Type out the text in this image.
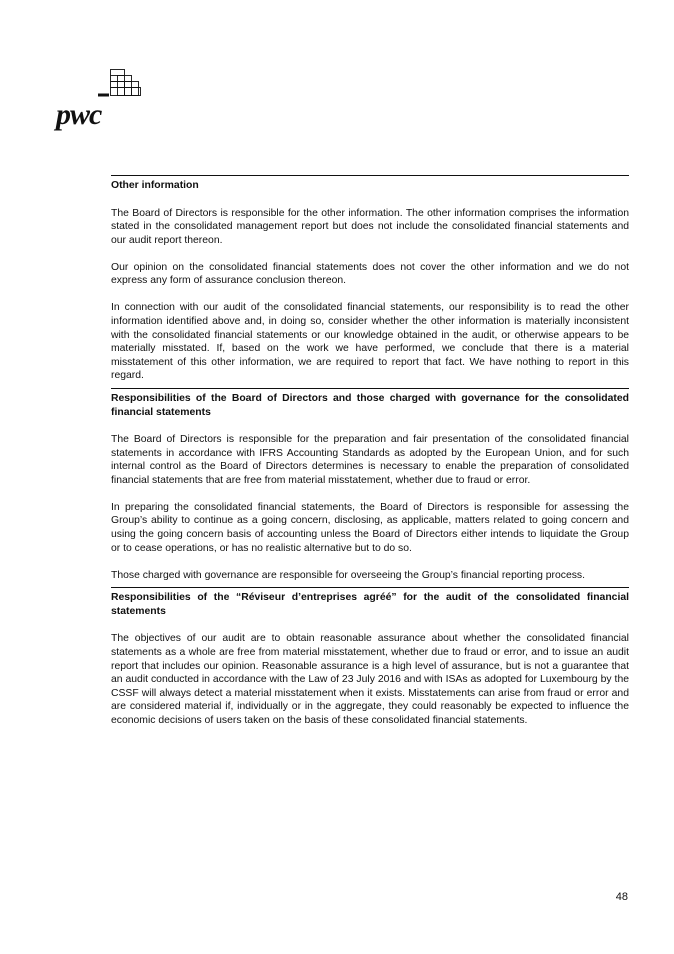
pwc

Other information

The Board of Directors is responsible for the other information. The other information comprises the information stated in the consolidated management report but does not include the consolidated financial statements and our audit report thereon.

Our opinion on the consolidated financial statements does not cover the other information and we do not express any form of assurance conclusion thereon.

In connection with our audit of the consolidated financial statements, our responsibility is to read the other information identified above and, in doing so, consider whether the other information is materially inconsistent with the consolidated financial statements or our knowledge obtained in the audit, or otherwise appears to be materially misstated. If, based on the work we have performed, we conclude that there is a material misstatement of this other information, we are required to report that fact. We have nothing to report in this regard.

Responsibilities of the Board of Directors and those charged with governance for the consolidated financial statements

The Board of Directors is responsible for the preparation and fair presentation of the consolidated financial statements in accordance with IFRS Accounting Standards as adopted by the European Union, and for such internal control as the Board of Directors determines is necessary to enable the preparation of consolidated financial statements that are free from material misstatement, whether due to fraud or error.

In preparing the consolidated financial statements, the Board of Directors is responsible for assessing the Group’s ability to continue as a going concern, disclosing, as applicable, matters related to going concern and using the going concern basis of accounting unless the Board of Directors either intends to liquidate the Group or to cease operations, or has no realistic alternative but to do so.

Those charged with governance are responsible for overseeing the Group’s financial reporting process.

Responsibilities of the “Réviseur d’entreprises agréé” for the audit of the consolidated financial statements

The objectives of our audit are to obtain reasonable assurance about whether the consolidated financial statements as a whole are free from material misstatement, whether due to fraud or error, and to issue an audit report that includes our opinion. Reasonable assurance is a high level of assurance, but is not a guarantee that an audit conducted in accordance with the Law of 23 July 2016 and with ISAs as adopted for Luxembourg by the CSSF will always detect a material misstatement when it exists. Misstatements can arise from fraud or error and are considered material if, individually or in the aggregate, they could reasonably be expected to influence the economic decisions of users taken on the basis of these consolidated financial statements.

48
